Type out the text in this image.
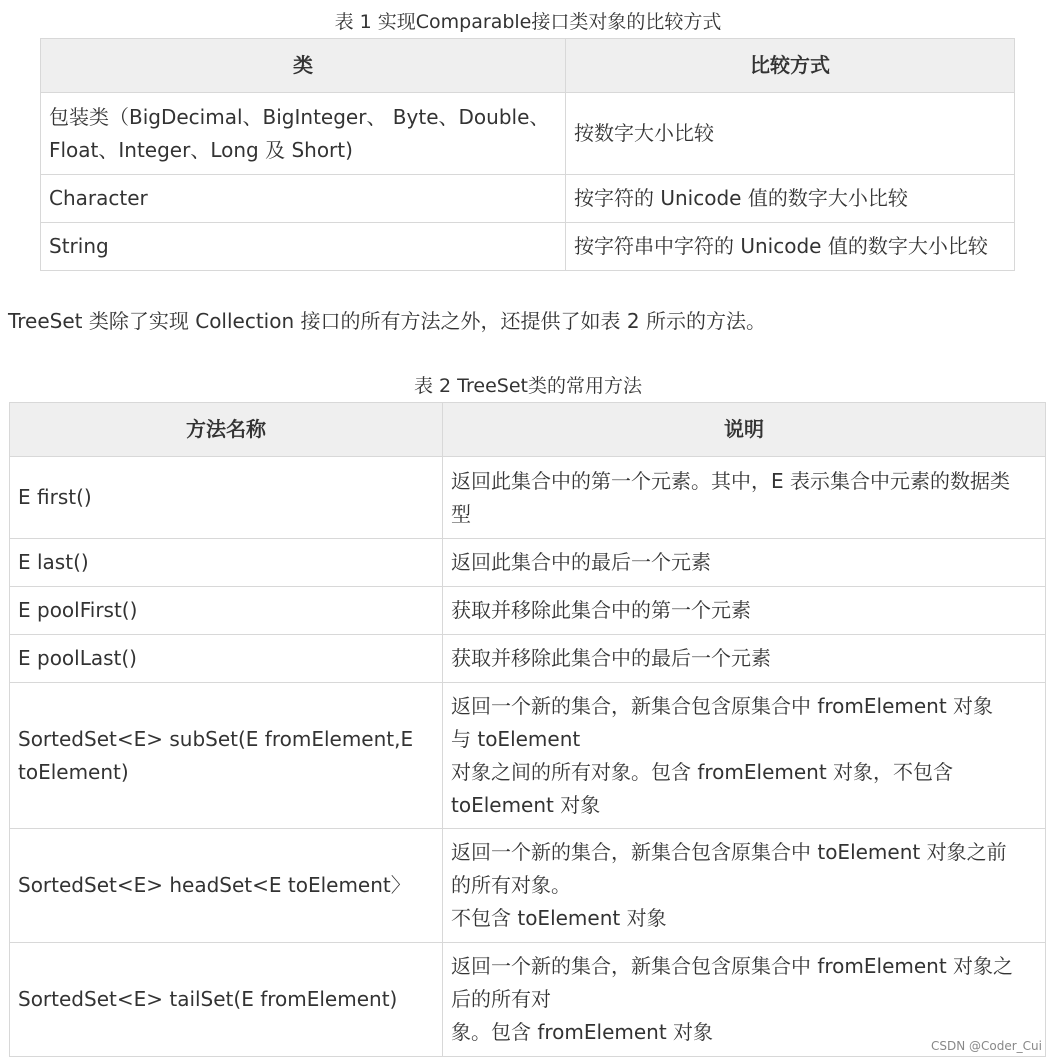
表 1 实现Comparable接口类对象的比较方式
类	比较方式

包装类（BigDecimal、BigInteger、 Byte、Double、
Float、Integer、Long 及 Short)	按数字大小比较
Character	按字符的 Unicode 值的数字大小比较
String	按字符串中字符的 Unicode 值的数字大小比较
TreeSet 类除了实现 Collection 接口的所有方法之外，还提供了如表 2 所示的方法。
表 2 TreeSet类的常用方法
方法名称	说明
E first()	返回此集合中的第一个元素。其中，E 表示集合中元素的数据类
型

E last()	返回此集合中的最后一个元素
E poolFirst()	获取并移除此集合中的第一个元素
E poolLast()	获取并移除此集合中的最后一个元素

SortedSet<E> subSet(E fromElement,E
toElement)	返回一个新的集合，新集合包含原集合中 fromElement 对象
与 toElement
对象之间的所有对象。包含 fromElement 对象，不包含
toElement 对象

SortedSet<E> headSet<E toElement〉	返回一个新的集合，新集合包含原集合中 toElement 对象之前
的所有对象。
不包含 toElement 对象

SortedSet<E> tailSet(E fromElement)	返回一个新的集合，新集合包含原集合中 fromElement 对象之
后的所有对
象。包含 fromElement 对象
CSDN @Coder_Cui
